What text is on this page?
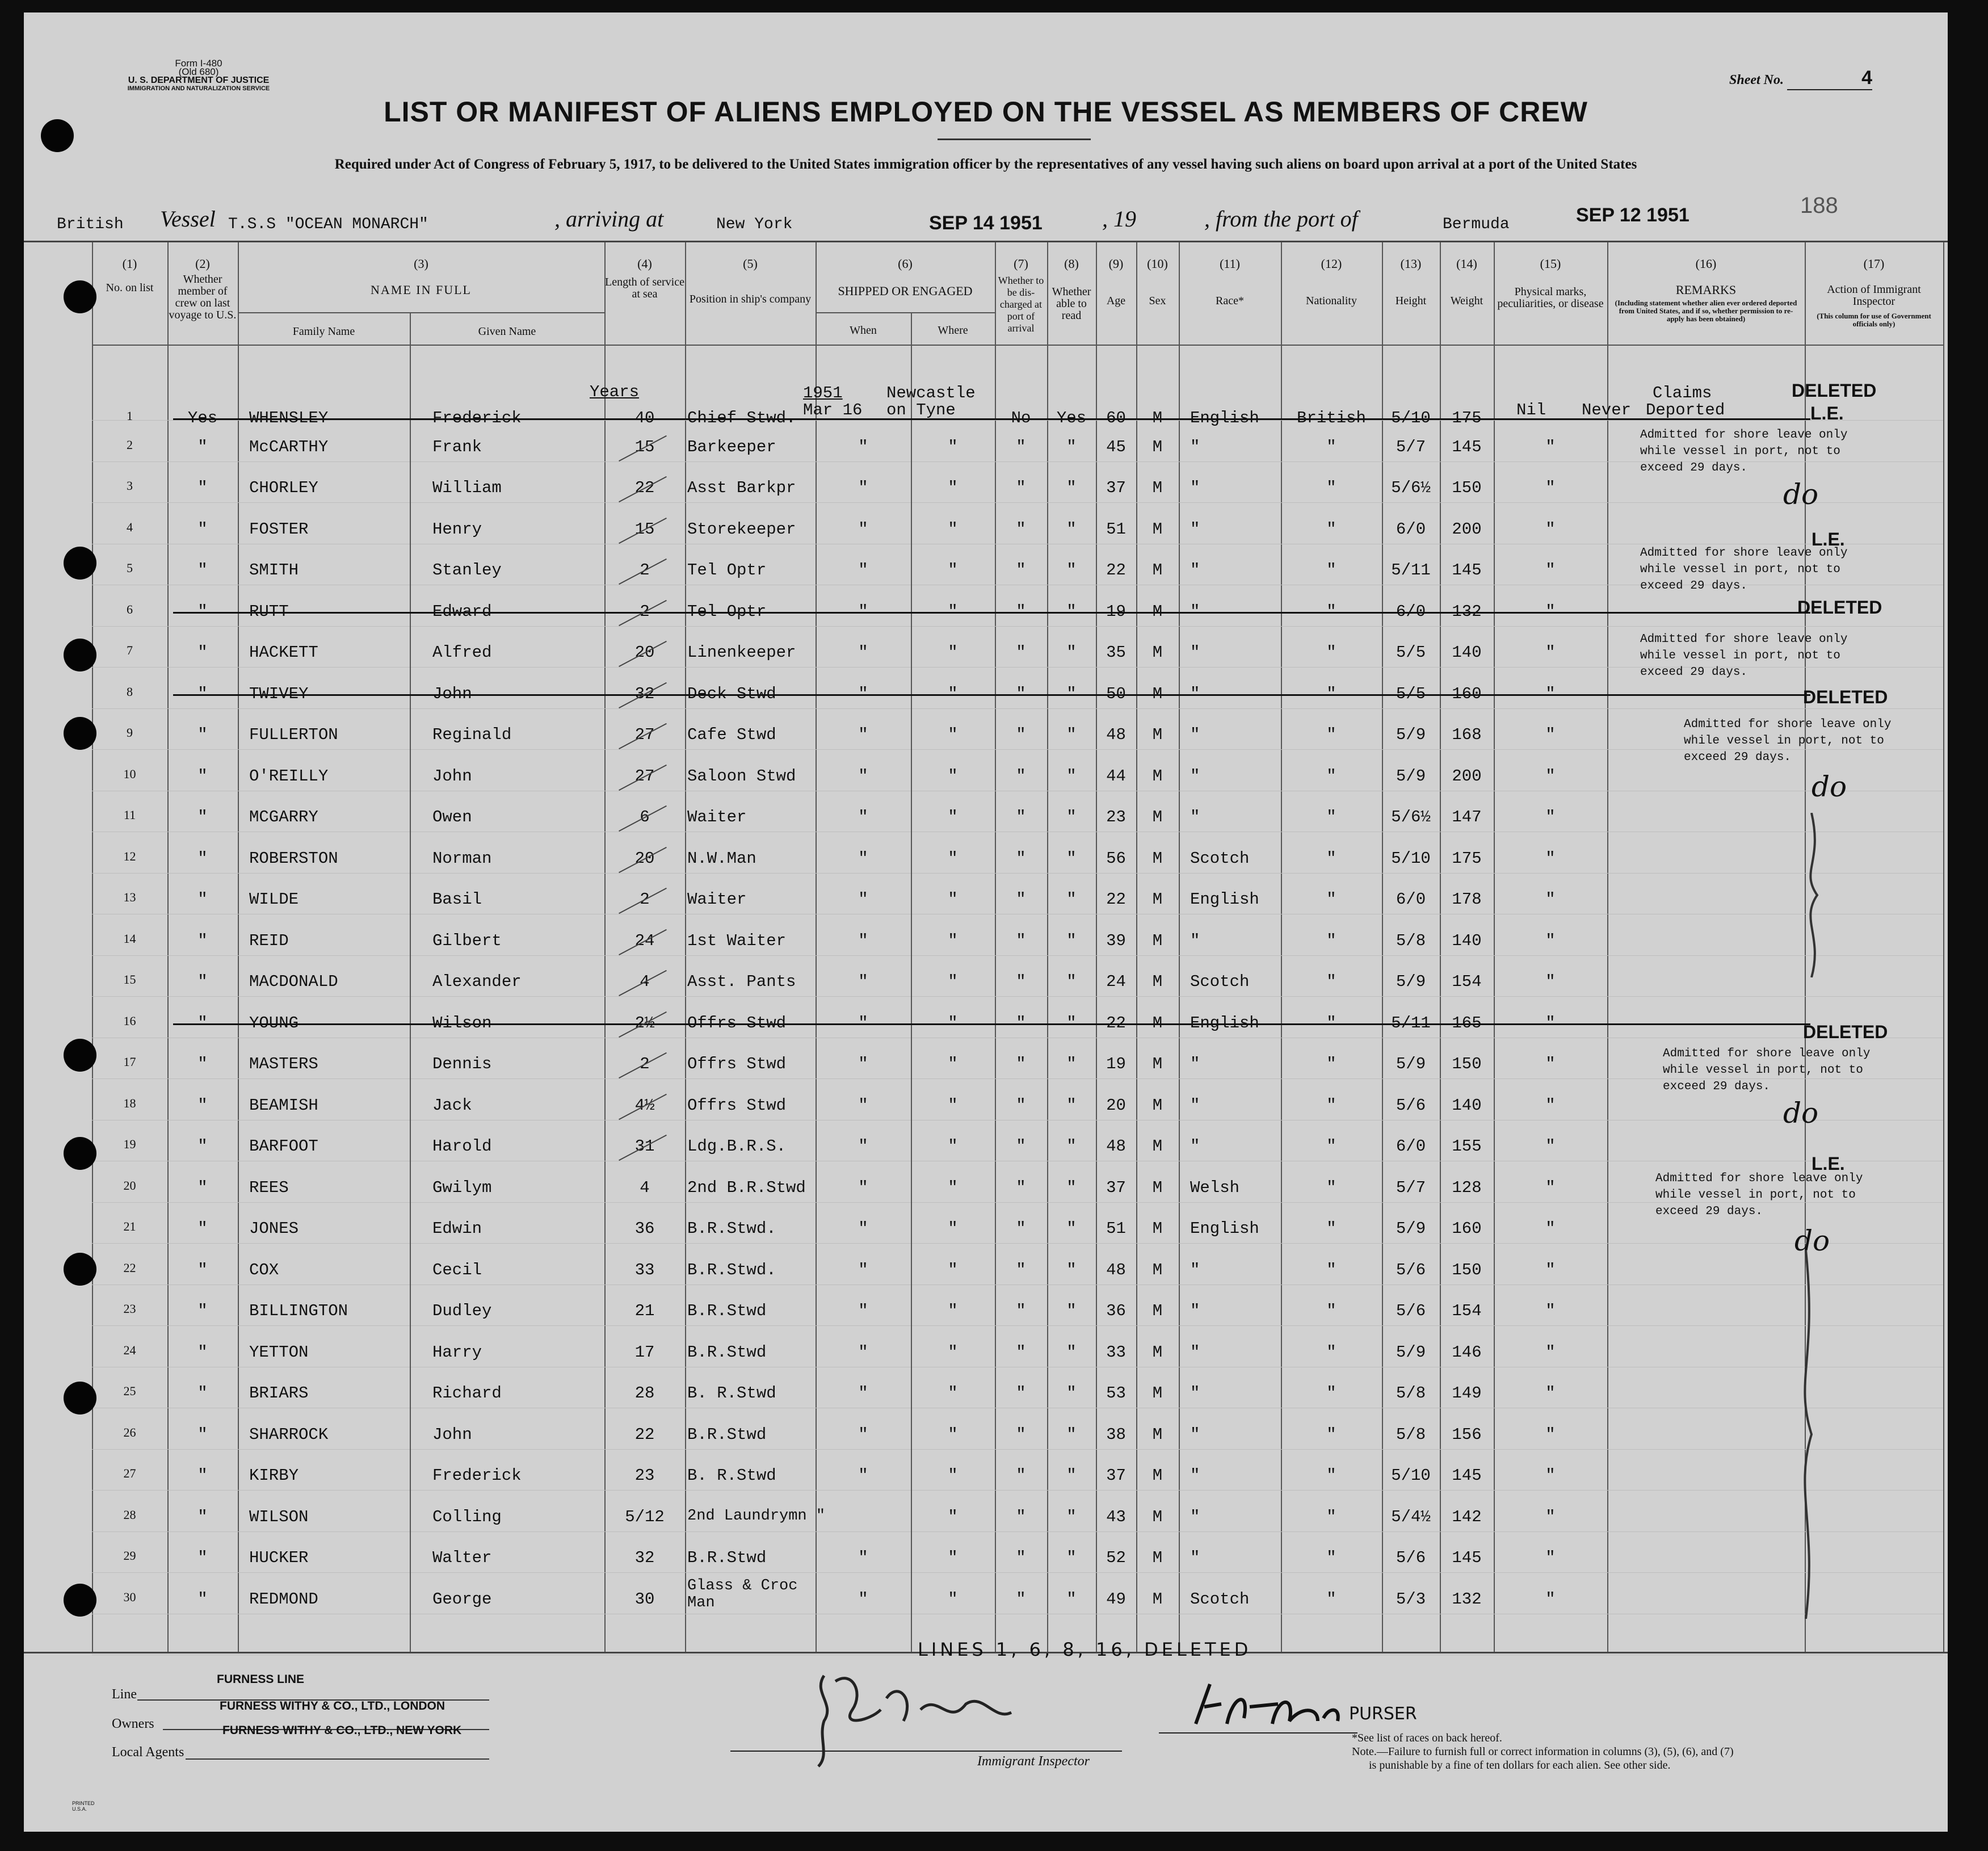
Form I-480
(Old 680)
U. S. DEPARTMENT OF JUSTICE
IMMIGRATION AND NATURALIZATION SERVICE
Sheet No.	4
LIST OR MANIFEST OF ALIENS EMPLOYED ON THE VESSEL AS MEMBERS OF CREW
Required under Act of Congress of February 5, 1917, to be delivered to the United States immigration officer by the representatives of any vessel having such aliens on board upon arrival at a port of the United States
British Vessel T.S.S "OCEAN MONARCH"	, arriving at	New York	SEP 14 1951	, 19	, from the port of	Bermuda	SEP 12 1951	188
(1)	(2)	(3)	(4)	(5)	(6)	(7)	(8)	(9)	(10)	(11)	(12)	(13)	(14)	(15)	(16)	(17)
No. on list
Whether member of crew on last voyage to U.S.
NAME IN FULL
Family Name	Given Name
Length of service at sea	Position in ship's company
SHIPPED OR ENGAGED
When	Where
Whether to be dis-charged at port of arrival
Whether able to read
Age	Sex	Race*	Nationality	Height	Weight
Physical marks, peculiarities, or disease
REMARKS
(Including statement whether alien ever ordered deported from United States, and if so, whether permission to re-apply has been obtained)
Action of Immigrant Inspector
(This column for use of Government officials only)
Years	1951
Mar 16
Newcastle
on Tyne
Claims
Nil Never Deported
1	Yes	WHENSLEY	Frederick	40	Chief Stwd.	No	Yes	60	M	English	British	5/10	175
2	"	McCARTHY	Frank	15	Barkeeper	"	"	"	"	45	M	"	"	5/7	145	"
3	"	CHORLEY	William	22	Asst Barkpr	"	"	"	"	37	M	"	"	5/6½	150	"
4	"	FOSTER	Henry	15	Storekeeper	"	"	"	"	51	M	"	"	6/0	200	"
5	"	SMITH	Stanley	2	Tel Optr	"	"	"	"	22	M	"	"	5/11	145	"
6	"	RUTT	Edward	2	Tel Optr	"	"	"	"	19	M	"	"	6/0	132	"
7	"	HACKETT	Alfred	20	Linenkeeper	"	"	"	"	35	M	"	"	5/5	140	"
8	"	TWIVEY	John	32	Deck Stwd	"	"	"	"	50	M	"	"	5/5	160	"
9	"	FULLERTON	Reginald	27	Cafe Stwd	"	"	"	"	48	M	"	"	5/9	168	"
10	"	O'REILLY	John	27	Saloon Stwd	"	"	"	"	44	M	"	"	5/9	200	"
11	"	MCGARRY	Owen	6	Waiter	"	"	"	"	23	M	"	"	5/6½	147	"
12	"	ROBERSTON	Norman	20	N.W.Man	"	"	"	"	56	M	Scotch	"	5/10	175	"
13	"	WILDE	Basil	2	Waiter	"	"	"	"	22	M	English	"	6/0	178	"
14	"	REID	Gilbert	24	1st Waiter	"	"	"	"	39	M	"	"	5/8	140	"
15	"	MACDONALD	Alexander	4	Asst. Pants	"	"	"	"	24	M	Scotch	"	5/9	154	"
16	"	YOUNG	Wilson	2½	Offrs Stwd	"	"	"	"	22	M	English	"	5/11	165	"
17	"	MASTERS	Dennis	2	Offrs Stwd	"	"	"	"	19	M	"	"	5/9	150	"
18	"	BEAMISH	Jack	4½	Offrs Stwd	"	"	"	"	20	M	"	"	5/6	140	"
19	"	BARFOOT	Harold	31	Ldg.B.R.S.	"	"	"	"	48	M	"	"	6/0	155	"
20	"	REES	Gwilym	4	2nd B.R.Stwd	"	"	"	"	37	M	Welsh	"	5/7	128	"
21	"	JONES	Edwin	36	B.R.Stwd.	"	"	"	"	51	M	English	"	5/9	160	"
22	"	COX	Cecil	33	B.R.Stwd.	"	"	"	"	48	M	"	"	5/6	150	"
23	"	BILLINGTON	Dudley	21	B.R.Stwd	"	"	"	"	36	M	"	"	5/6	154	"
24	"	YETTON	Harry	17	B.R.Stwd	"	"	"	"	33	M	"	"	5/9	146	"
25	"	BRIARS	Richard	28	B. R.Stwd	"	"	"	"	53	M	"	"	5/8	149	"
26	"	SHARROCK	John	22	B.R.Stwd	"	"	"	"	38	M	"	"	5/8	156	"
27	"	KIRBY	Frederick	23	B. R.Stwd	"	"	"	"	37	M	"	"	5/10	145	"
28	"	WILSON	Colling	5/12	2nd Laundrymn "	"	"	"	43	M	"	"	5/4½	142	"
29	"	HUCKER	Walter	32	B.R.Stwd	"	"	"	"	52	M	"	"	5/6	145	"
30	"	REDMOND	George	30
Glass & Croc Man	"	"	"	"	49	M	Scotch	"	5/3	132	"
DELETED
L.E.
Admitted for shore leave only
while vessel in port, not to
exceed 29 days.
do
L.E.
Admitted for shore leave only
while vessel in port, not to
exceed 29 days.
DELETED
Admitted for shore leave only
while vessel in port, not to
exceed 29 days.
DELETED
Admitted for shore leave only
while vessel in port, not to
exceed 29 days.
do
DELETED
Admitted for shore leave only
while vessel in port, not to
exceed 29 days.
do
L.E.
Admitted for shore leave only
while vessel in port, not to
exceed 29 days.
do
LINES 1, 6, 8, 16, DELETED
Line
FURNESS LINE
Owners
FURNESS WITHY & CO., LTD., LONDON
FURNESS WITHY & CO., LTD., NEW YORK
Local Agents
Immigrant Inspector
PURSER
*See list of races on back hereof.
Note.—Failure to furnish full or correct information in columns (3), (5), (6), and (7)
is punishable by a fine of ten dollars for each alien. See other side.
PRINTED U.S.A.
